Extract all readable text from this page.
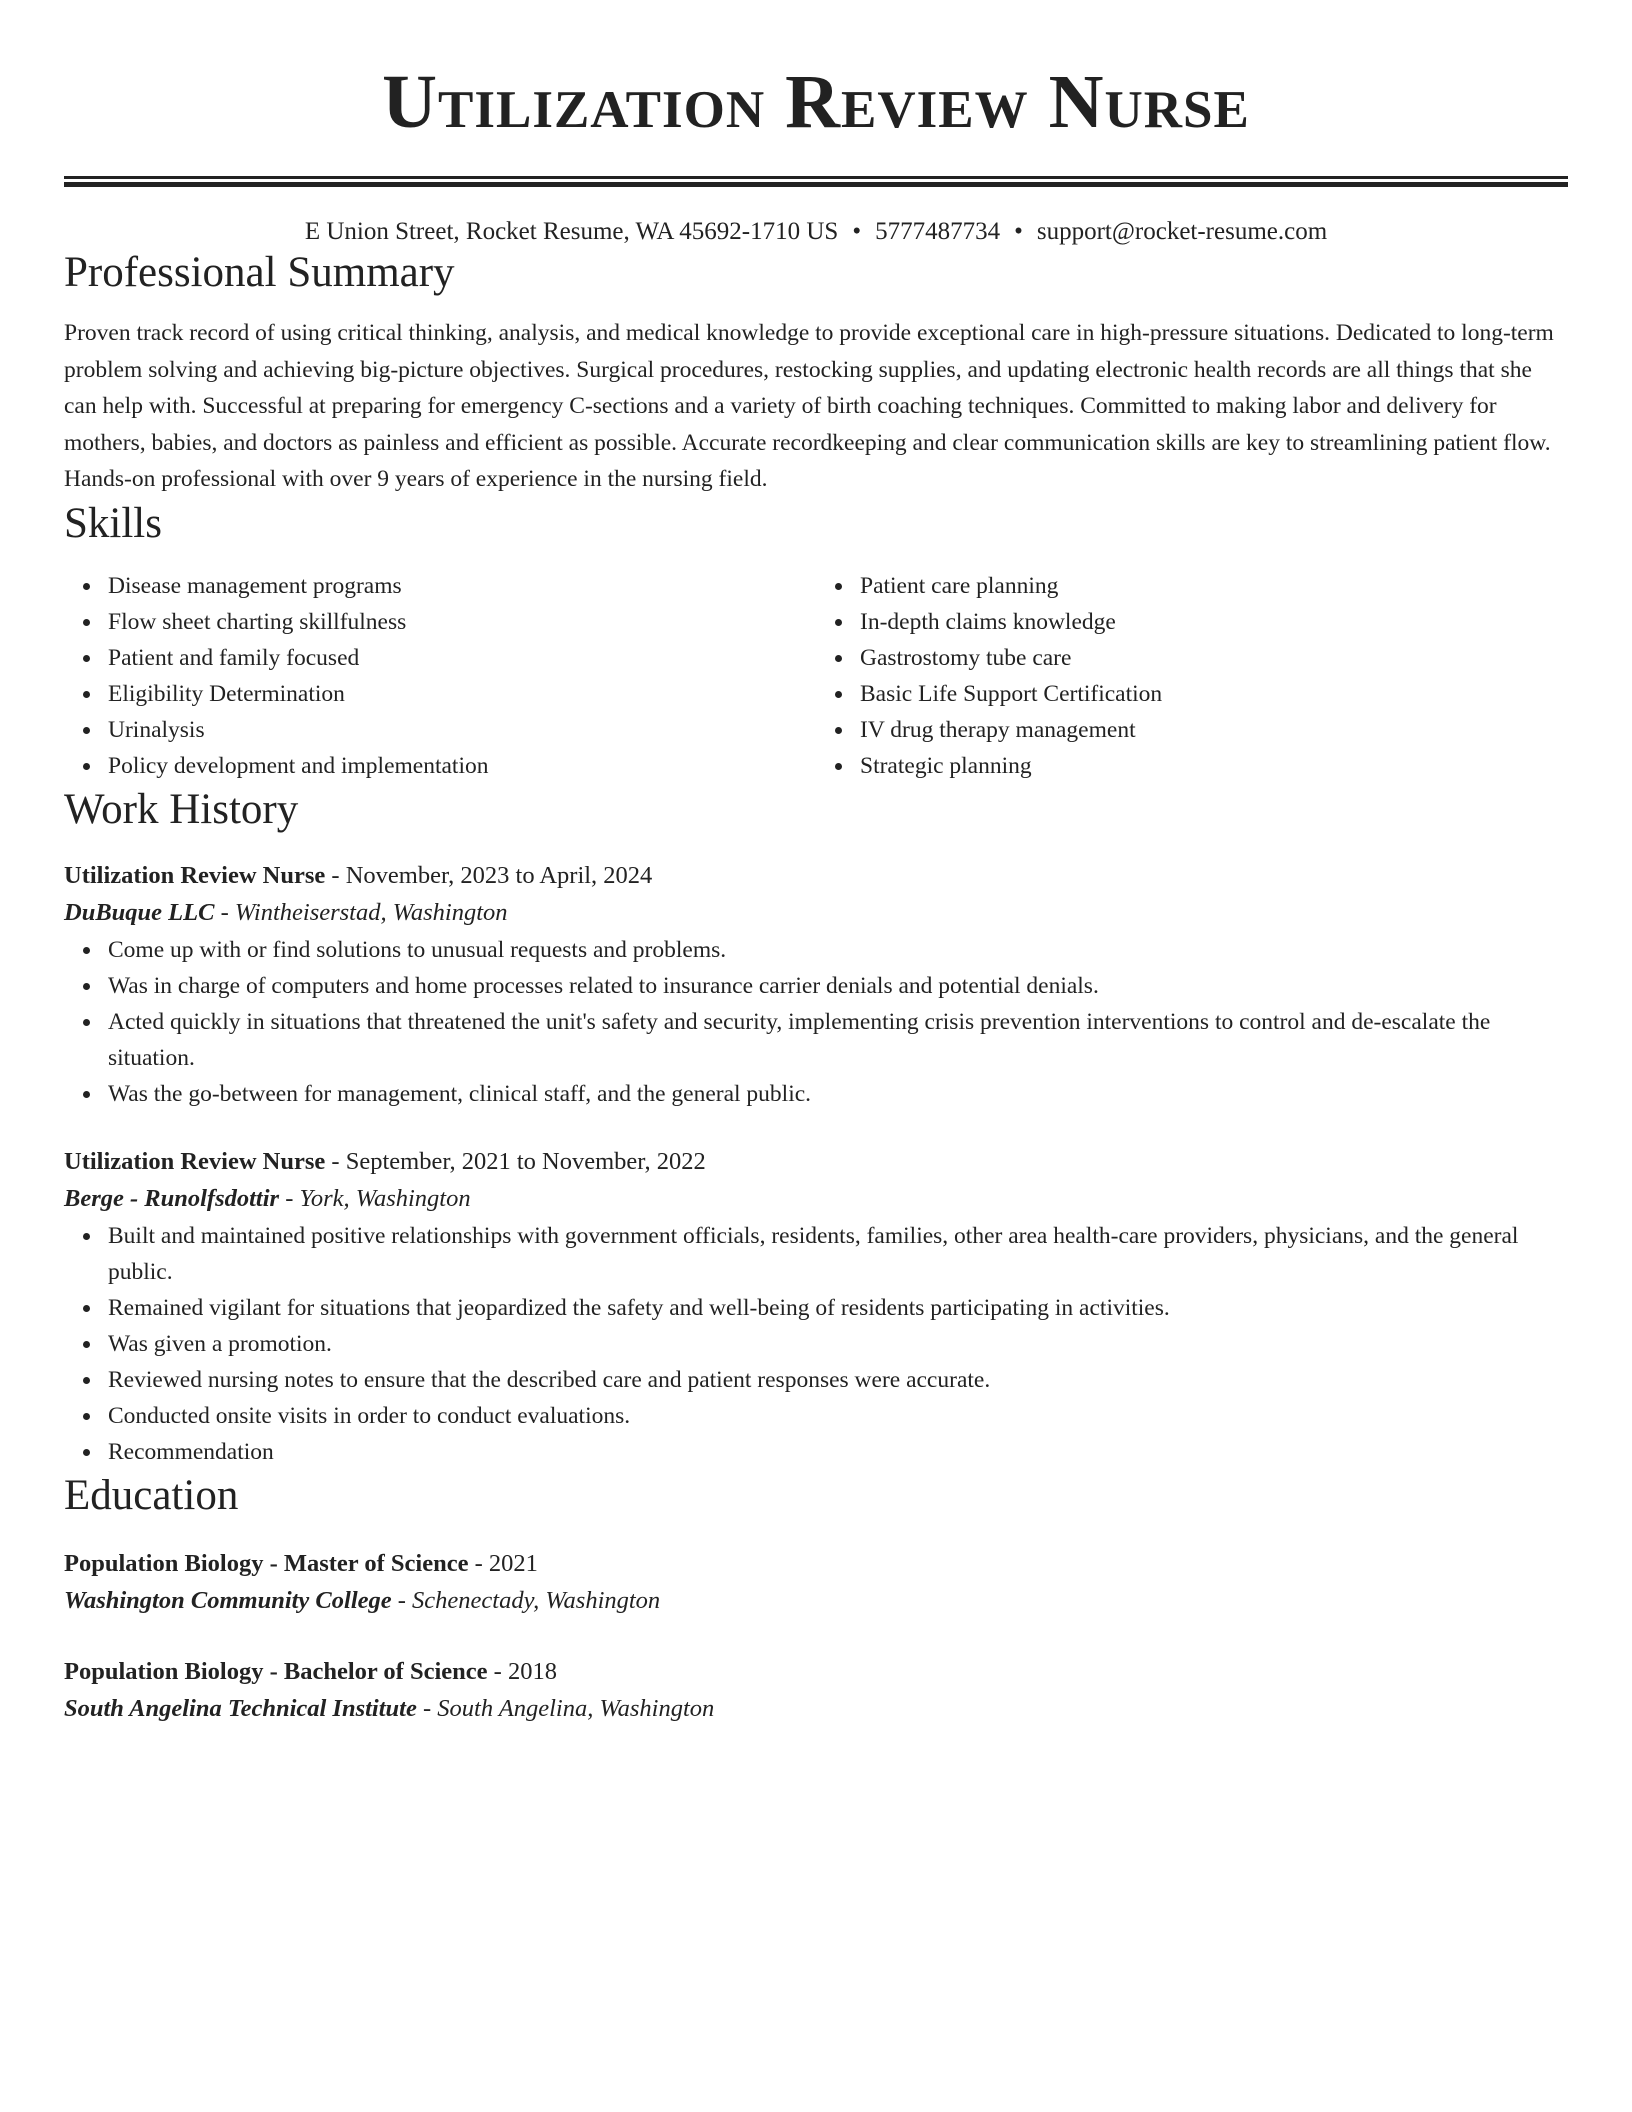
Utilization Review Nurse
E Union Street, Rocket Resume, WA 45692-1710 US • 5777487734 • support@rocket-resume.com
Professional Summary

Proven track record of using critical thinking, analysis, and medical knowledge to provide exceptional care in high-pressure situations. Dedicated to long-term problem solving and achieving big-picture objectives. Surgical procedures, restocking supplies, and updating electronic health records are all things that she can help with. Successful at preparing for emergency C-sections and a variety of birth coaching techniques. Committed to making labor and delivery for mothers, babies, and doctors as painless and efficient as possible. Accurate recordkeeping and clear communication skills are key to streamlining patient flow. Hands-on professional with over 9 years of experience in the nursing field.

Skills
Disease management programs
Flow sheet charting skillfulness
Patient and family focused
Eligibility Determination
Urinalysis
Policy development and implementation
Patient care planning
In-depth claims knowledge
Gastrostomy tube care
Basic Life Support Certification
IV drug therapy management
Strategic planning
Work History
Utilization Review Nurse - November, 2023 to April, 2024
DuBuque LLC - Wintheiserstad, Washington
Come up with or find solutions to unusual requests and problems.
Was in charge of computers and home processes related to insurance carrier denials and potential denials.
Acted quickly in situations that threatened the unit's safety and security, implementing crisis prevention interventions to control and de-escalate the situation.
Was the go-between for management, clinical staff, and the general public.
Utilization Review Nurse - September, 2021 to November, 2022
Berge - Runolfsdottir - York, Washington
Built and maintained positive relationships with government officials, residents, families, other area health-care providers, physicians, and the general public.
Remained vigilant for situations that jeopardized the safety and well-being of residents participating in activities.
Was given a promotion.
Reviewed nursing notes to ensure that the described care and patient responses were accurate.
Conducted onsite visits in order to conduct evaluations.
Recommendation
Education
Population Biology - Master of Science - 2021
Washington Community College - Schenectady, Washington
Population Biology - Bachelor of Science - 2018
South Angelina Technical Institute - South Angelina, Washington
